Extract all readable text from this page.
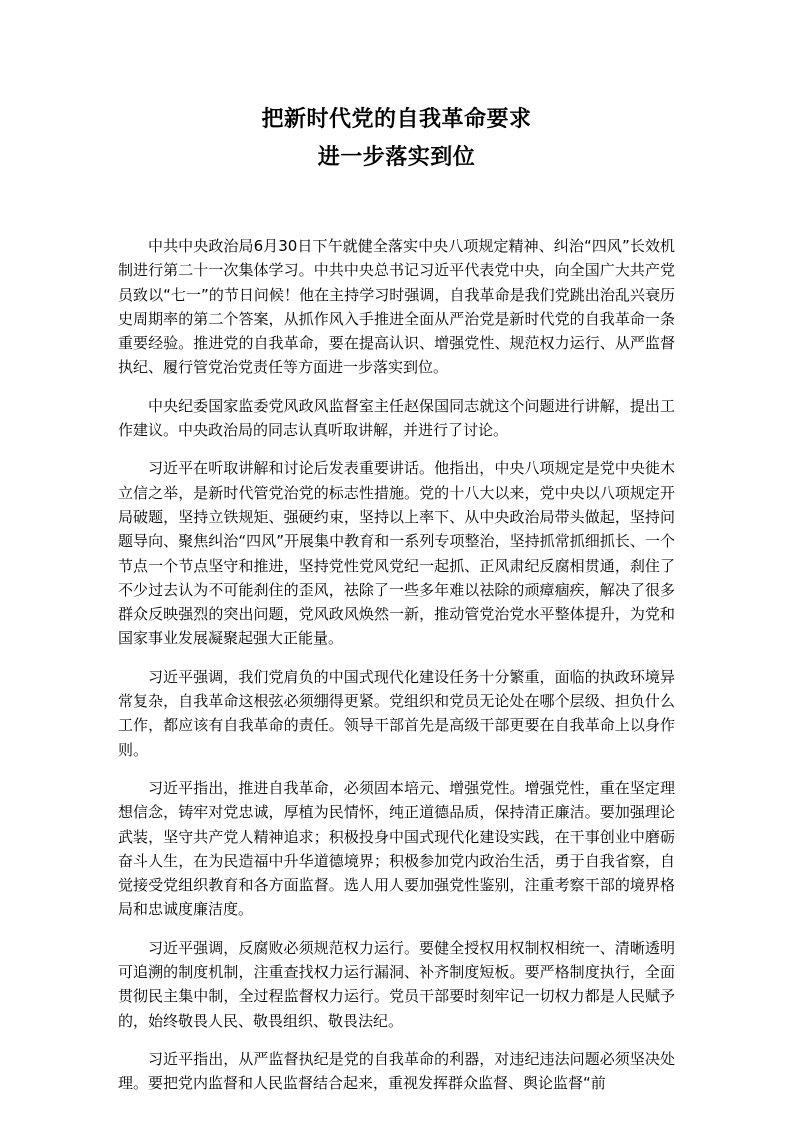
把新时代党的自我革命要求
进一步落实到位

中共中央政治局6月30日下午就健全落实中央八项规定精神、纠治“四风”长效机制进行第二十一次集体学习。中共中央总书记习近平代表党中央，向全国广大共产党员致以“七一”的节日问候！他在主持学习时强调，自我革命是我们党跳出治乱兴衰历史周期率的第二个答案，从抓作风入手推进全面从严治党是新时代党的自我革命一条重要经验。推进党的自我革命，要在提高认识、增强党性、规范权力运行、从严监督执纪、履行管党治党责任等方面进一步落实到位。

中央纪委国家监委党风政风监督室主任赵保国同志就这个问题进行讲解，提出工作建议。中央政治局的同志认真听取讲解，并进行了讨论。

习近平在听取讲解和讨论后发表重要讲话。他指出，中央八项规定是党中央徙木立信之举，是新时代管党治党的标志性措施。党的十八大以来，党中央以八项规定开局破题，坚持立铁规矩、强硬约束，坚持以上率下、从中央政治局带头做起，坚持问题导向、聚焦纠治“四风”开展集中教育和一系列专项整治，坚持抓常抓细抓长、一个节点一个节点坚守和推进，坚持党性党风党纪一起抓、正风肃纪反腐相贯通，刹住了不少过去认为不可能刹住的歪风，祛除了一些多年难以祛除的顽瘴痼疾，解决了很多群众反映强烈的突出问题，党风政风焕然一新，推动管党治党水平整体提升，为党和国家事业发展凝聚起强大正能量。

习近平强调，我们党肩负的中国式现代化建设任务十分繁重，面临的执政环境异常复杂，自我革命这根弦必须绷得更紧。党组织和党员无论处在哪个层级、担负什么工作，都应该有自我革命的责任。领导干部首先是高级干部更要在自我革命上以身作则。

习近平指出，推进自我革命，必须固本培元、增强党性。增强党性，重在坚定理想信念，铸牢对党忠诚，厚植为民情怀，纯正道德品质，保持清正廉洁。要加强理论武装，坚守共产党人精神追求；积极投身中国式现代化建设实践，在干事创业中磨砺奋斗人生，在为民造福中升华道德境界；积极参加党内政治生活，勇于自我省察，自觉接受党组织教育和各方面监督。选人用人要加强党性鉴别，注重考察干部的境界格局和忠诚度廉洁度。

习近平强调，反腐败必须规范权力运行。要健全授权用权制权相统一、清晰透明可追溯的制度机制，注重查找权力运行漏洞、补齐制度短板。要严格制度执行，全面贯彻民主集中制，全过程监督权力运行。党员干部要时刻牢记一切权力都是人民赋予的，始终敬畏人民、敬畏组织、敬畏法纪。

习近平指出，从严监督执纪是党的自我革命的利器，对违纪违法问题必须坚决处理。要把党内监督和人民监督结合起来，重视发挥群众监督、舆论监督“前
